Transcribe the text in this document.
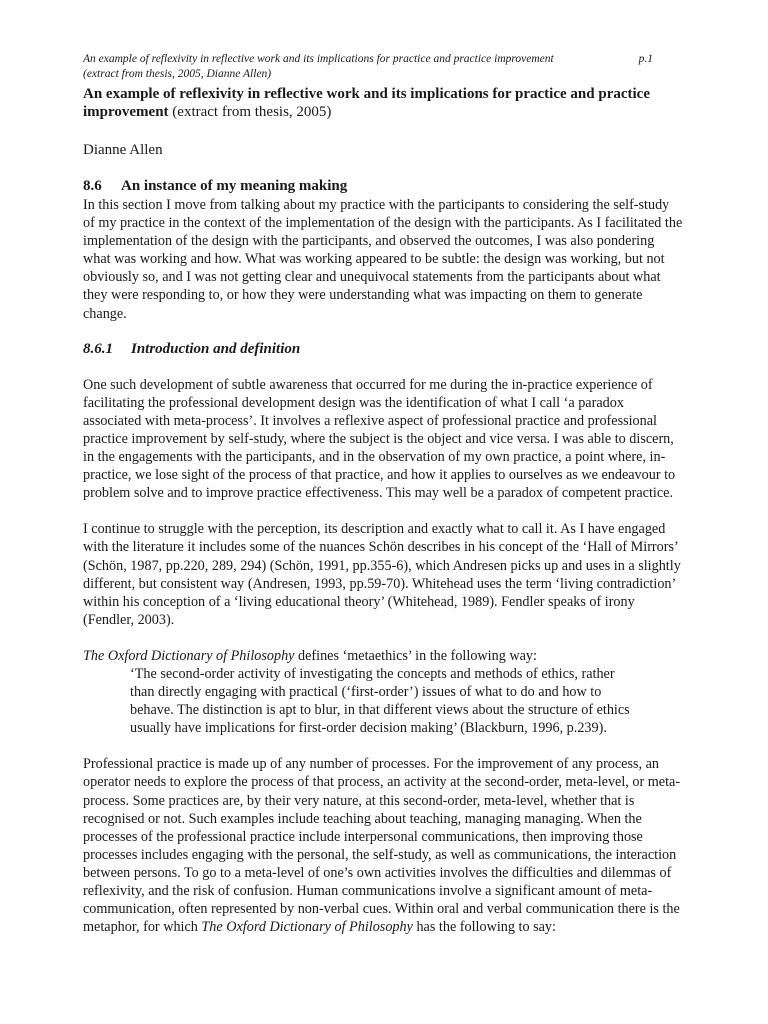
An example of reflexivity in reflective work and its implications for practice and practice improvement	p.1
(extract from thesis, 2005, Dianne Allen)
An example of reflexivity in reflective work and its implications for practice and practice improvement (extract from thesis, 2005)
Dianne Allen
8.6 An instance of my meaning making

In this section I move from talking about my practice with the participants to considering the self-study of my practice in the context of the implementation of the design with the participants. As I facilitated the implementation of the design with the participants, and observed the outcomes, I was also pondering what was working and how. What was working appeared to be subtle: the design was working, but not obviously so, and I was not getting clear and unequivocal statements from the participants about what they were responding to, or how they were understanding what was impacting on them to generate change.

8.6.1 Introduction and definition

One such development of subtle awareness that occurred for me during the in-practice experience of facilitating the professional development design was the identification of what I call ‘a paradox associated with meta-process’. It involves a reflexive aspect of professional practice and professional practice improvement by self-study, where the subject is the object and vice versa. I was able to discern, in the engagements with the participants, and in the observation of my own practice, a point where, in-practice, we lose sight of the process of that practice, and how it applies to ourselves as we endeavour to problem solve and to improve practice effectiveness. This may well be a paradox of competent practice.

I continue to struggle with the perception, its description and exactly what to call it. As I have engaged with the literature it includes some of the nuances Schön describes in his concept of the ‘Hall of Mirrors’ (Schön, 1987, pp.220, 289, 294) (Schön, 1991, pp.355-6), which Andresen picks up and uses in a slightly different, but consistent way (Andresen, 1993, pp.59-70). Whitehead uses the term ‘living contradiction’ within his conception of a ‘living educational theory’ (Whitehead, 1989). Fendler speaks of irony (Fendler, 2003).

The Oxford Dictionary of Philosophy defines ‘metaethics’ in the following way:

‘The second-order activity of investigating the concepts and methods of ethics, rather than directly engaging with practical (‘first-order’) issues of what to do and how to behave. The distinction is apt to blur, in that different views about the structure of ethics usually have implications for first-order decision making’ (Blackburn, 1996, p.239).

Professional practice is made up of any number of processes. For the improvement of any process, an operator needs to explore the process of that process, an activity at the second-order, meta-level, or meta-process. Some practices are, by their very nature, at this second-order, meta-level, whether that is recognised or not. Such examples include teaching about teaching, managing managing. When the processes of the professional practice include interpersonal communications, then improving those processes includes engaging with the personal, the self-study, as well as communications, the interaction between persons. To go to a meta-level of one’s own activities involves the difficulties and dilemmas of reflexivity, and the risk of confusion. Human communications involve a significant amount of meta-communication, often represented by non-verbal cues. Within oral and verbal communication there is the metaphor, for which The Oxford Dictionary of Philosophy has the following to say:
